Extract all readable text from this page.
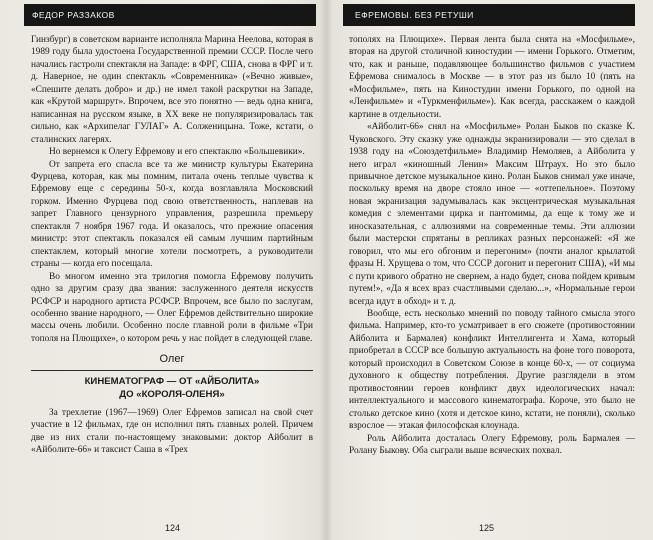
ФЕДОР РАЗЗАКОВ

Гинзбург) в советском варианте исполняла Марина Неелова, которая в 1989 году была удостоена Государственной премии СССР. После чего начались гастроли спектакля на Западе: в ФРГ, США, снова в ФРГ и т. д. Наверное, не один спектакль «Современника» («Вечно живые», «Спешите делать добро» и др.) не имел такой раскрутки на Западе, как «Крутой маршрут». Впрочем, все это понятно — ведь одна книга, написанная на русском языке, в XX веке не популяризировалась так сильно, как «Архипелаг ГУЛАГ» А. Солженицына. Тоже, кстати, о сталинских лагерях.

Но вернемся к Олегу Ефремову и его спектаклю «Большевики».

От запрета его спасла все та же министр культуры Екатерина Фурцева, которая, как мы помним, питала очень теплые чувства к Ефремову еще с середины 50-х, когда возглавляла Московский горком. Именно Фурцева под свою ответственность, наплевав на запрет Главного цензурного управления, разрешила премьеру спектакля 7 ноября 1967 года. И оказалось, что прежние опасения министр: этот спектакль показался ей самым лучшим партийным спектаклем, который многие хотели посмотреть, а руководители страны — когда его посещала.

Во многом именно эта трилогия помогла Ефремову получить одно за другим сразу два звания: заслуженного деятеля искусств РСФСР и народного артиста РСФСР. Впрочем, все было по заслугам, особенно звание народного, — Олег Ефремов действительно широкие массы очень любили. Особенно после главной роли в фильме «Три тополя на Плющихе», о котором речь у нас пойдет в следующей главе.

Олег
КИНЕМАТОГРАФ — ОТ «АЙБОЛИТА»
ДО «КОРОЛЯ-ОЛЕНЯ»

За трехлетие (1967—1969) Олег Ефремов записал на свой счет участие в 12 фильмах, где он исполнил пять главных ролей. Причем две из них стали по-настоящему знаковыми: доктор Айболит в «Айболите-66» и таксист Саша в «Трех

124
ЕФРЕМОВЫ. БЕЗ РЕТУШИ

тополях на Плющихе». Первая лента была снята на «Мосфильме», вторая на другой столичной киностудии — имени Горького. Отметим, что, как и раньше, подавляющее большинство фильмов с участием Ефремова снималось в Москве — в этот раз из было 10 (пять на «Мосфильме», пять на Киностудии имени Горького, по одной на «Ленфильме» и «Туркменфильме»). Как всегда, расскажем о каждой картине в отдельности.

«Айболит-66» снял на «Мосфильме» Ролан Быков по сказке К. Чуковского. Эту сказку уже однажды экранизировали — это сделал в 1938 году на «Союздетфильме» Владимир Немоляев, а Айболита у него играл «киношный Ленин» Максим Штраух. Но это было привычное детское музыкальное кино. Ролан Быков снимал уже иначе, поскольку время на дворе стояло иное — «оттепельное». Поэтому новая экранизация задумывалась как эксцентрическая музыкальная комедия с элементами цирка и пантомимы, да еще к тому же и иносказательная, с аллюзиями на современные темы. Эти аллюзии были мастерски спрятаны в репликах разных персонажей: «Я же говорил, что мы его обгоним и перегоним» (почти аналог крылатой фразы Н. Хрущева о том, что СССР догонит и перегонит США), «И мы с пути кривого обратно не свернем, а надо будет, снова пойдем кривым путем!», «Да я всех враз счастливыми сделаю...», «Нормальные герои всегда идут в обход» и т. д.

Вообще, есть несколько мнений по поводу тайного смысла этого фильма. Например, кто-то усматривает в его сюжете (противостоянии Айболита и Бармалея) конфликт Интеллигента и Хама, который приобретал в СССР все большую актуальность на фоне того поворота, который происходил в Советском Союзе в конце 60-х, — от социума духовного к обществу потребления. Другие разглядели в этом противостоянии героев конфликт двух идеологических начал: интеллектуального и массового кинематографа. Короче, это было не столько детское кино (хотя и детское кино, кстати, не поняли), сколько взрослое — этакая философская клоунада.

Роль Айболита досталась Олегу Ефремову, роль Бармалея — Ролану Быкову. Оба сыграли выше всяческих похвал.

125
